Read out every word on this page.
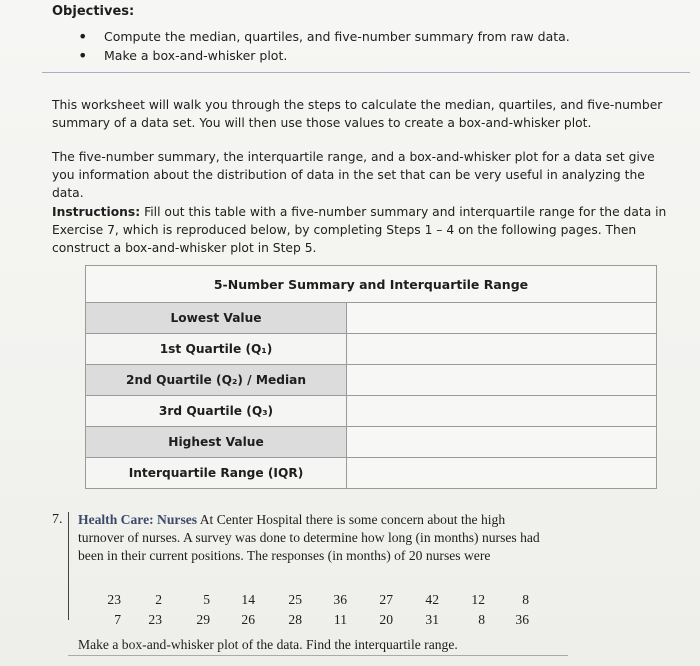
Objectives:
• Compute the median, quartiles, and five-number summary from raw data.
• Make a box-and-whisker plot.

This worksheet will walk you through the steps to calculate the median, quartiles, and five-number summary of a data set. You will then use those values to create a box-and-whisker plot.

The five-number summary, the interquartile range, and a box-and-whisker plot for a data set give you information about the distribution of data in the set that can be very useful in analyzing the data.

Instructions: Fill out this table with a five-number summary and interquartile range for the data in Exercise 7, which is reproduced below, by completing Steps 1 – 4 on the following pages. Then construct a box-and-whisker plot in Step 5.

5-Number Summary and Interquartile Range	
Lowest Value	
1st Quartile (Q₁)	
2nd Quartile (Q₂) / Median	
3rd Quartile (Q₃)	
Highest Value	
Interquartile Range (IQR)	
7. Health Care: Nurses At Center Hospital there is some concern about the high turnover of nurses. A survey was done to determine how long (in months) nurses had been in their current positions. The responses (in months) of 20 nurses were

23	2	5	14	25	36	27	42	12	8
7	23	29	26	28	11	20	31	8	36

Make a box-and-whisker plot of the data. Find the interquartile range.
